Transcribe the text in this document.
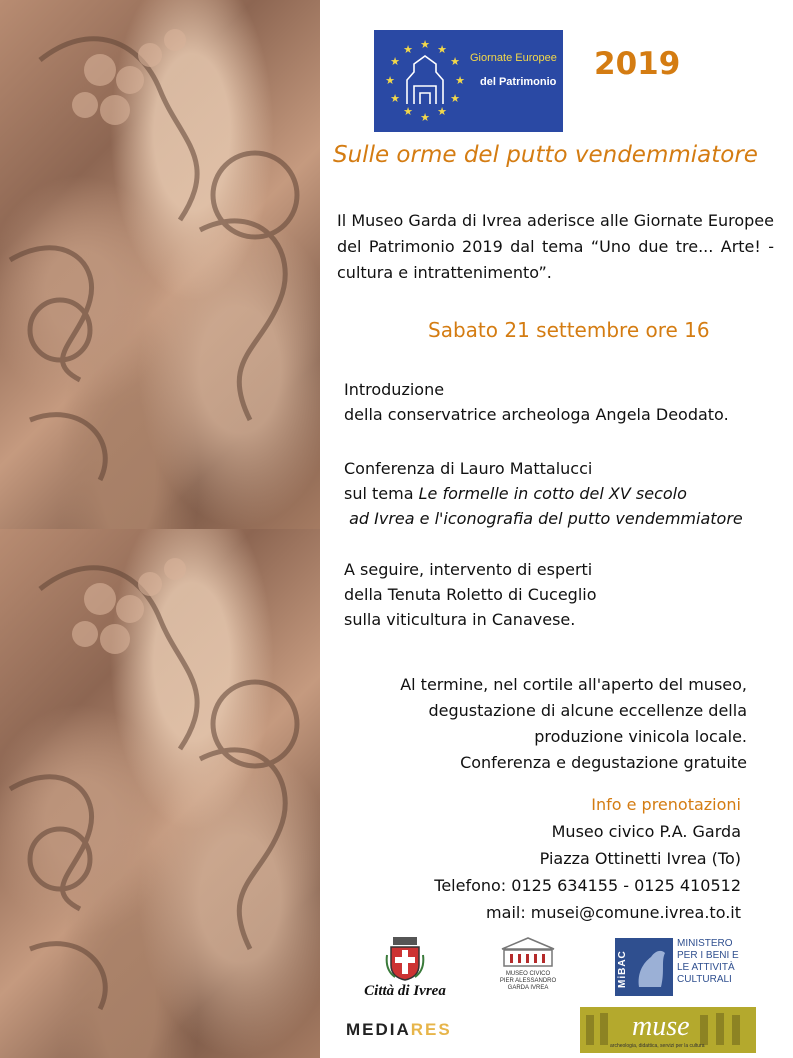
★ ★
★
★
★
★
★
★
★
★
★
★
Giornate Europee
del Patrimonio 2019
Sulle orme del putto vendemmiatore

Il Museo Garda di Ivrea aderisce alle Giornate Europee del Patrimonio 2019 dal tema “Uno due tre... Arte! - cultura e intrattenimento”.

Sabato 21 settembre ore 16
Introduzione
della conservatrice archeologa Angela Deodato.
Conferenza di Lauro Mattalucci
sul tema Le formelle in cotto del XV secolo
ad Ivrea e l'iconografia del putto vendemmiatore
A seguire, intervento di esperti
della Tenuta Roletto di Cuceglio
sulla viticultura in Canavese.
Al termine, nel cortile all'aperto del museo,
degustazione di alcune eccellenze della
produzione vinicola locale.
Conferenza e degustazione gratuite
Info e prenotazioni
Museo civico P.A. Garda
Piazza Ottinetti Ivrea (To)
Telefono: 0125 634155 - 0125 410512
mail: musei@comune.ivrea.to.it
Città di Ivrea
MUSEO CIVICO
PIER ALESSANDRO
GARDA IVREA	MiBAC
MINISTERO
PER I BENI E
LE ATTIVITÀ
CULTURALI
MEDIARES	muse
archeologia, didattica, servizi per la cultura
